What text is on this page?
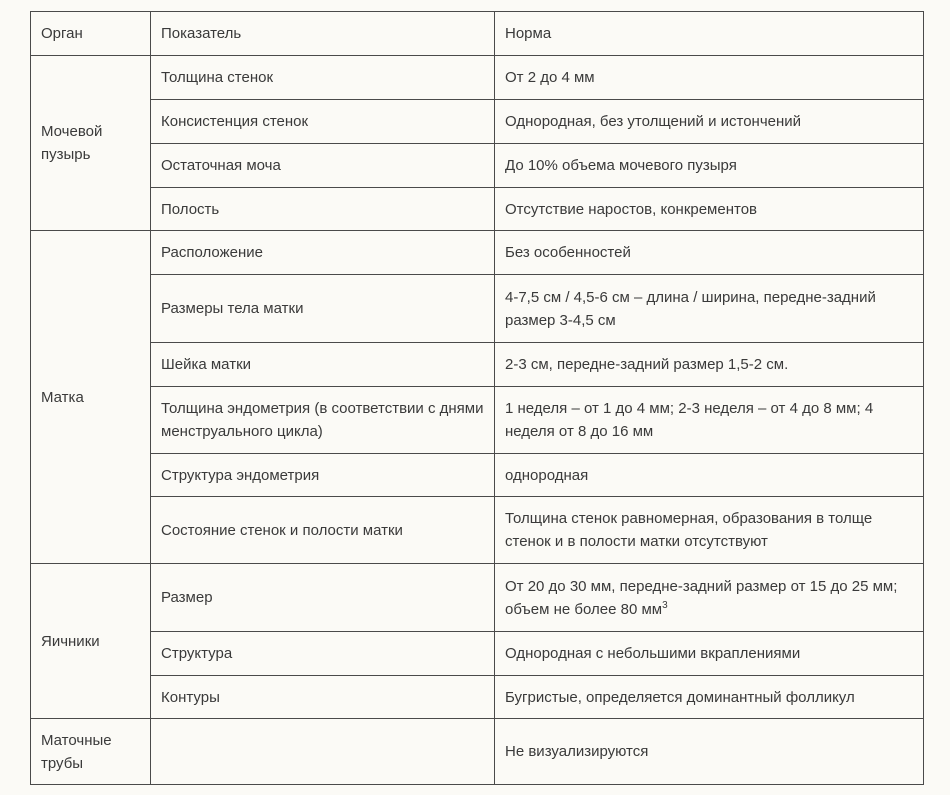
Орган	Показатель	Норма

Мочевой пузырь	Толщина стенок	От 2 до 4 мм
	Консистенция стенок	Однородная, без утолщений и истончений
	Остаточная моча	До 10% объема мочевого пузыря
	Полость	Отсутствие наростов, конкрементов

Матка	Расположение	Без особенностей
	Размеры тела матки	4-7,5 см / 4,5-6 см – длина / ширина, передне-задний размер 3-4,5 см
	Шейка матки	2-3 см, передне-задний размер 1,5-2 см.
	Толщина эндометрия (в соответствии с днями менструального цикла)	1 неделя – от 1 до 4 мм; 2-3 неделя – от 4 до 8 мм; 4 неделя от 8 до 16 мм
	Структура эндометрия	однородная
	Состояние стенок и полости матки	Толщина стенок равномерная, образования в толще стенок и в полости матки отсутствуют

Яичники	Размер	От 20 до 30 мм, передне-задний размер от 15 до 25 мм; объем не более 80 $мм^3$
	Структура	Однородная с небольшими вкраплениями
	Контуры	Бугристые, определяется доминантный фолликул

Маточные трубы		Не визуализируются
